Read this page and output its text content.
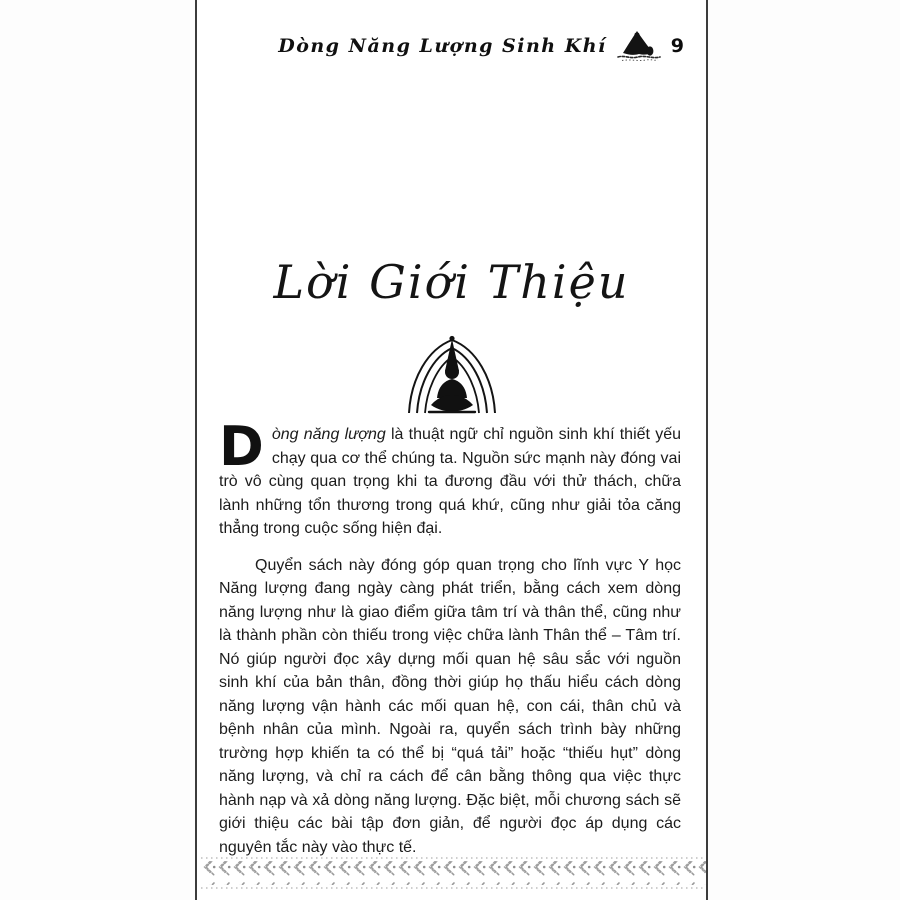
Dòng Năng Lượng Sinh Khí	9
Lời Giới Thiệu

Dòng năng lượng là thuật ngữ chỉ nguồn sinh khí thiết yếu chạy qua cơ thể chúng ta. Nguồn sức mạnh này đóng vai trò vô cùng quan trọng khi ta đương đầu với thử thách, chữa lành những tổn thương trong quá khứ, cũng như giải tỏa căng thẳng trong cuộc sống hiện đại.

Quyển sách này đóng góp quan trọng cho lĩnh vực Y học Năng lượng đang ngày càng phát triển, bằng cách xem dòng năng lượng như là giao điểm giữa tâm trí và thân thể, cũng như là thành phần còn thiếu trong việc chữa lành Thân thể – Tâm trí. Nó giúp người đọc xây dựng mối quan hệ sâu sắc với nguồn sinh khí của bản thân, đồng thời giúp họ thấu hiểu cách dòng năng lượng vận hành các mối quan hệ, con cái, thân chủ và bệnh nhân của mình. Ngoài ra, quyển sách trình bày những trường hợp khiến ta có thể bị “quá tải” hoặc “thiếu hụt” dòng năng lượng, và chỉ ra cách để cân bằng thông qua việc thực hành nạp và xả dòng năng lượng. Đặc biệt, mỗi chương sách sẽ giới thiệu các bài tập đơn giản, để người đọc áp dụng các nguyên tắc này vào thực tế.
